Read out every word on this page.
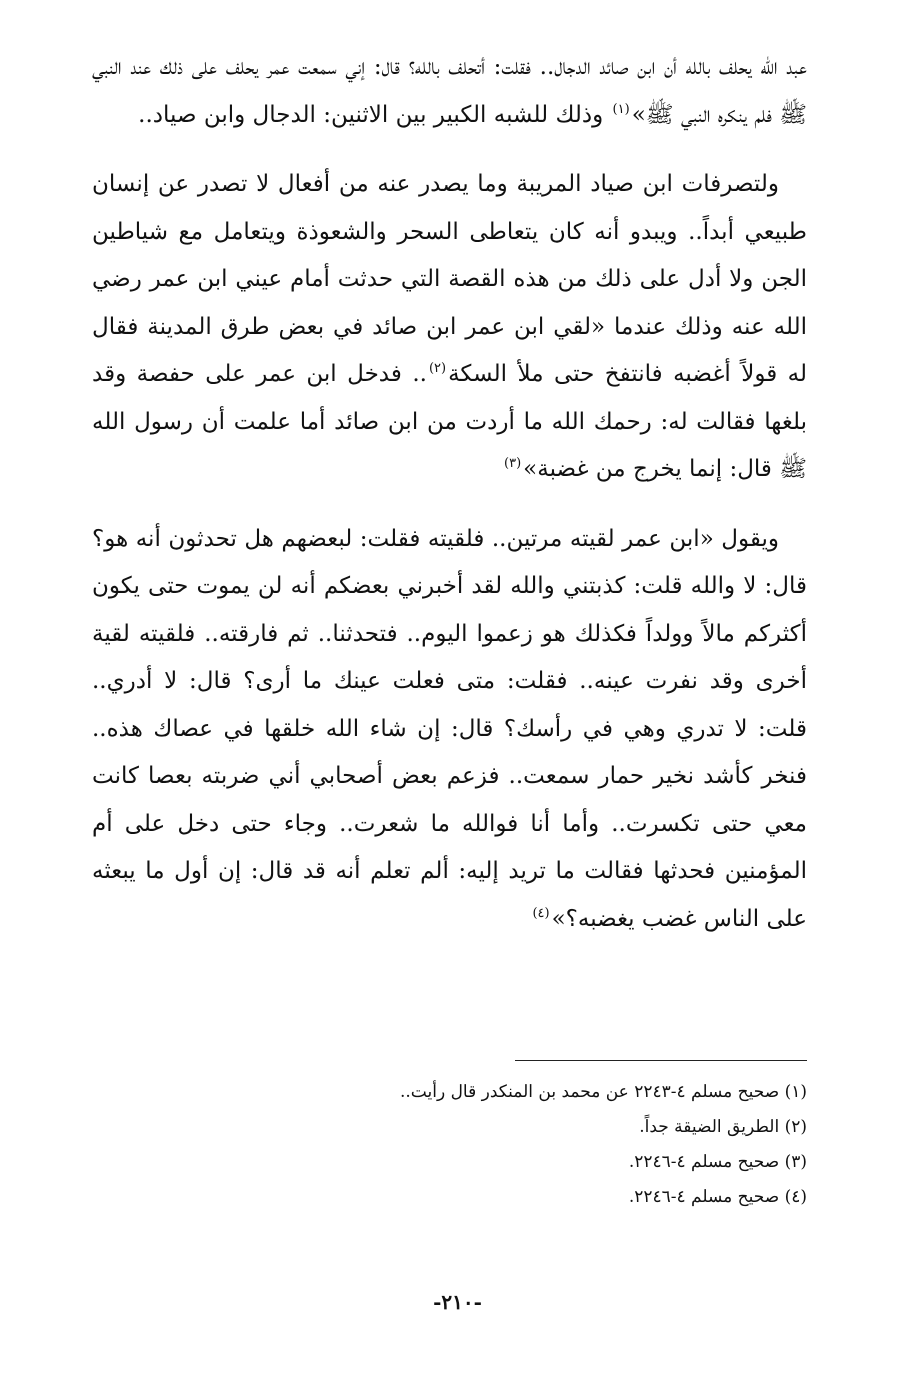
عبد الله يحلف بالله أن ابن صائد الدجال.. فقلت: أتحلف بالله؟ قال: إني سمعت عمر يحلف على ذلك عند النبي ﷺ فلم ينكره النبي ﷺ»$^{(١)}$ وذلك للشبه الكبير بين الاثنين: الدجال وابن صياد..

ولتصرفات ابن صياد المريبة وما يصدر عنه من أفعال لا تصدر عن إنسان طبيعي أبداً.. ويبدو أنه كان يتعاطى السحر والشعوذة ويتعامل مع شياطين الجن ولا أدل على ذلك من هذه القصة التي حدثت أمام عيني ابن عمر رضي الله عنه وذلك عندما «لقي ابن عمر ابن صائد في بعض طرق المدينة فقال له قولاً أغضبه فانتفخ حتى ملأ السكة$^{(٢)}$.. فدخل ابن عمر على حفصة وقد بلغها فقالت له: رحمك الله ما أردت من ابن صائد أما علمت أن رسول الله ﷺ قال: إنما يخرج من غضبة»$^{(٣)}$

ويقول «ابن عمر لقيته مرتين.. فلقيته فقلت: لبعضهم هل تحدثون أنه هو؟ قال: لا والله قلت: كذبتني والله لقد أخبرني بعضكم أنه لن يموت حتى يكون أكثركم مالاً وولداً فكذلك هو زعموا اليوم.. فتحدثنا.. ثم فارقته.. فلقيته لقية أخرى وقد نفرت عينه.. فقلت: متى فعلت عينك ما أرى؟ قال: لا أدري.. قلت: لا تدري وهي في رأسك؟ قال: إن شاء الله خلقها في عصاك هذه.. فنخر كأشد نخير حمار سمعت.. فزعم بعض أصحابي أني ضربته بعصا كانت معي حتى تكسرت.. وأما أنا فوالله ما شعرت.. وجاء حتى دخل على أم المؤمنين فحدثها فقالت ما تريد إليه: ألم تعلم أنه قد قال: إن أول ما يبعثه على الناس غضب يغضبه؟»$^{(٤)}$

(١) صحيح مسلم ٤-٢٢٤٣ عن محمد بن المنكدر قال رأيت..
(٢) الطريق الضيقة جداً.
(٣) صحيح مسلم ٤-٢٢٤٦.
(٤) صحيح مسلم ٤-٢٢٤٦.
-٢١٠-
